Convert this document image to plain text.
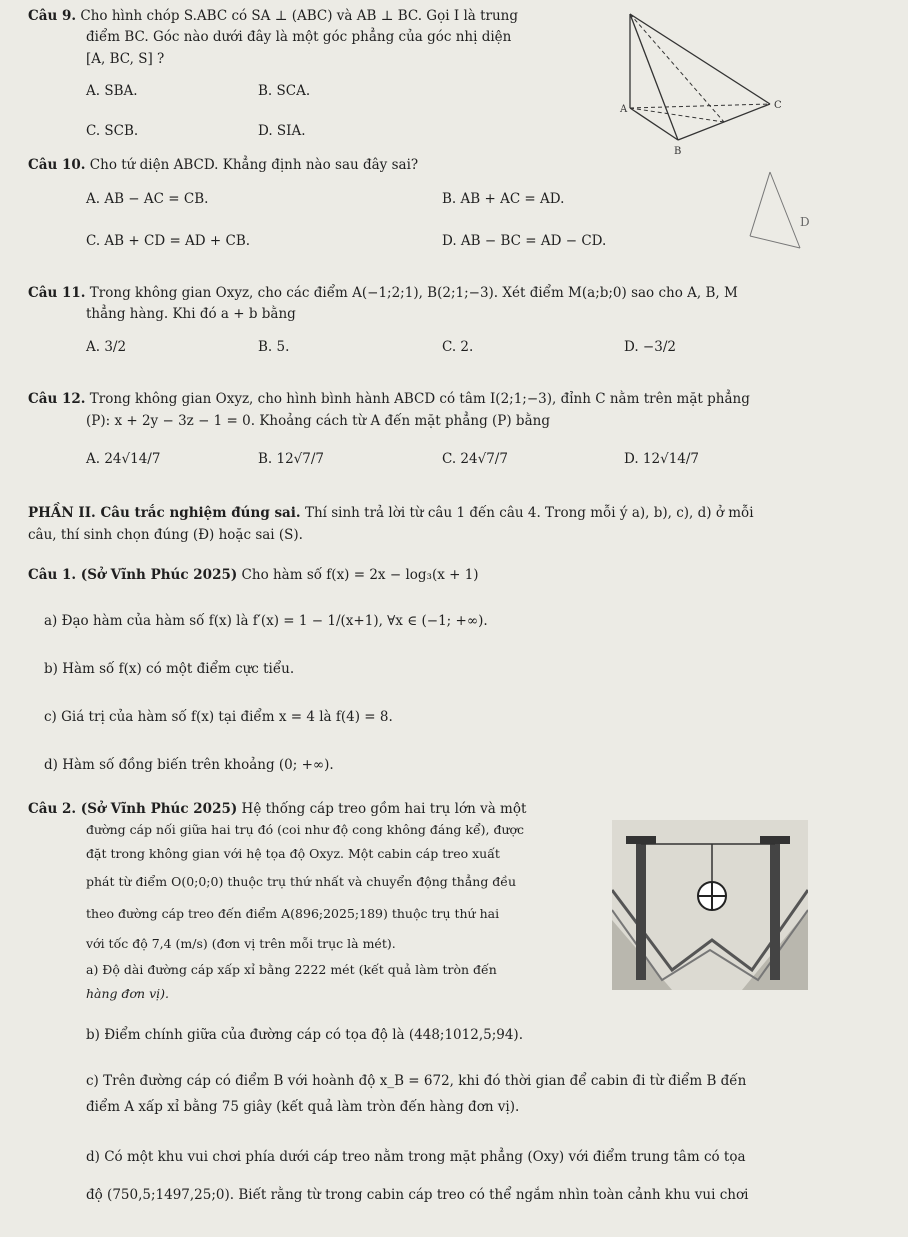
Câu 9. Cho hình chóp S.ABC có SA ⊥ (ABC) và AB ⊥ BC. Gọi I là trung
điểm BC. Góc nào dưới đây là một góc phẳng của góc nhị diện
[A, BC, S] ?
A. SBA.	B. SCA.
C. SCB.	D. SIA.
A
B
C
Câu 10. Cho tứ diện ABCD. Khẳng định nào sau đây sai?
A. AB − AC = CB.	B. AB + AC = AD.
C. AB + CD = AD + CB.	D. AB − BC = AD − CD.
D
Câu 11. Trong không gian Oxyz, cho các điểm A(−1;2;1), B(2;1;−3). Xét điểm M(a;b;0) sao cho A, B, M
thẳng hàng. Khi đó a + b bằng
A. 3/2	B. 5.	C. 2.	D. −3/2
Câu 12. Trong không gian Oxyz, cho hình bình hành ABCD có tâm I(2;1;−3), đỉnh C nằm trên mặt phẳng
(P): x + 2y − 3z − 1 = 0. Khoảng cách từ A đến mặt phẳng (P) bằng
A. 24√14/7	B. 12√7/7	C. 24√7/7	D. 12√14/7
PHẦN II. Câu trắc nghiệm đúng sai. Thí sinh trả lời từ câu 1 đến câu 4. Trong mỗi ý a), b), c), d) ở mỗi
câu, thí sinh chọn đúng (Đ) hoặc sai (S).
Câu 1. (Sở Vĩnh Phúc 2025) Cho hàm số f(x) = 2x − log₃(x + 1)
a) Đạo hàm của hàm số f(x) là f′(x) = 1 − 1/(x+1), ∀x ∈ (−1; +∞).
b) Hàm số f(x) có một điểm cực tiểu.
c) Giá trị của hàm số f(x) tại điểm x = 4 là f(4) = 8.
d) Hàm số đồng biến trên khoảng (0; +∞).
Câu 2. (Sở Vĩnh Phúc 2025) Hệ thống cáp treo gồm hai trụ lớn và một
đường cáp nối giữa hai trụ đó (coi như độ cong không đáng kể), được
đặt trong không gian với hệ tọa độ Oxyz. Một cabin cáp treo xuất
phát từ điểm O(0;0;0) thuộc trụ thứ nhất và chuyển động thẳng đều
theo đường cáp treo đến điểm A(896;2025;189) thuộc trụ thứ hai
với tốc độ 7,4 (m/s) (đơn vị trên mỗi trục là mét).
a) Độ dài đường cáp xấp xỉ bằng 2222 mét (kết quả làm tròn đến
hàng đơn vị).
b) Điểm chính giữa của đường cáp có tọa độ là (448;1012,5;94).
c) Trên đường cáp có điểm B với hoành độ x_B = 672, khi đó thời gian để cabin đi từ điểm B đến
điểm A xấp xỉ bằng 75 giây (kết quả làm tròn đến hàng đơn vị).
d) Có một khu vui chơi phía dưới cáp treo nằm trong mặt phẳng (Oxy) với điểm trung tâm có tọa
độ (750,5;1497,25;0). Biết rằng từ trong cabin cáp treo có thể ngắm nhìn toàn cảnh khu vui chơi
